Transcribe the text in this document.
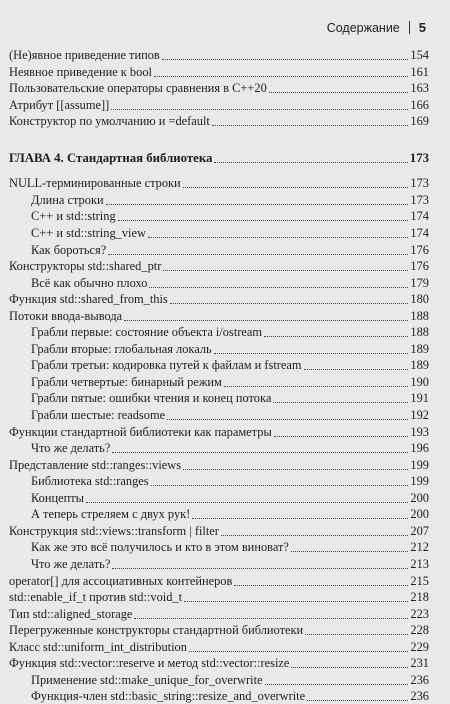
Содержание 5
(Не)явное приведение типов	154
Неявное приведение к bool	161
Пользовательские операторы сравнения в C++20	163
Атрибут [[assume]]	166
Конструктор по умолчанию и =default	169
ГЛАВА 4. Стандартная библиотека	173
NULL-терминированные строки	173
Длина строки	173
C++ и std::string	174
C++ и std::string_view	174
Как бороться?	176
Конструкторы std::shared_ptr	176
Всё как обычно плохо	179
Функция std::shared_from_this	180
Потоки ввода-вывода	188
Грабли первые: состояние объекта i/ostream	188
Грабли вторые: глобальная локаль	189
Грабли третьи: кодировка путей к файлам и fstream	189
Грабли четвертые: бинарный режим	190
Грабли пятые: ошибки чтения и конец потока	191
Грабли шестые: readsome	192
Функции стандартной библиотеки как параметры	193
Что же делать?	196
Представление std::ranges::views	199
Библиотека std::ranges	199
Концепты	200
А теперь стреляем с двух рук!	200
Конструкция std::views::transform | filter	207
Как же это всё получилось и кто в этом виноват?	212
Что же делать?	213
operator[] для ассоциативных контейнеров	215
std::enable_if_t против std::void_t	218
Тип std::aligned_storage	223
Перегруженные конструкторы стандартной библиотеки	228
Класс std::uniform_int_distribution	229
Функция std::vector::reserve и метод std::vector::resize	231
Применение std::make_unique_for_overwrite	236
Функция-член std::basic_string::resize_and_overwrite	236
